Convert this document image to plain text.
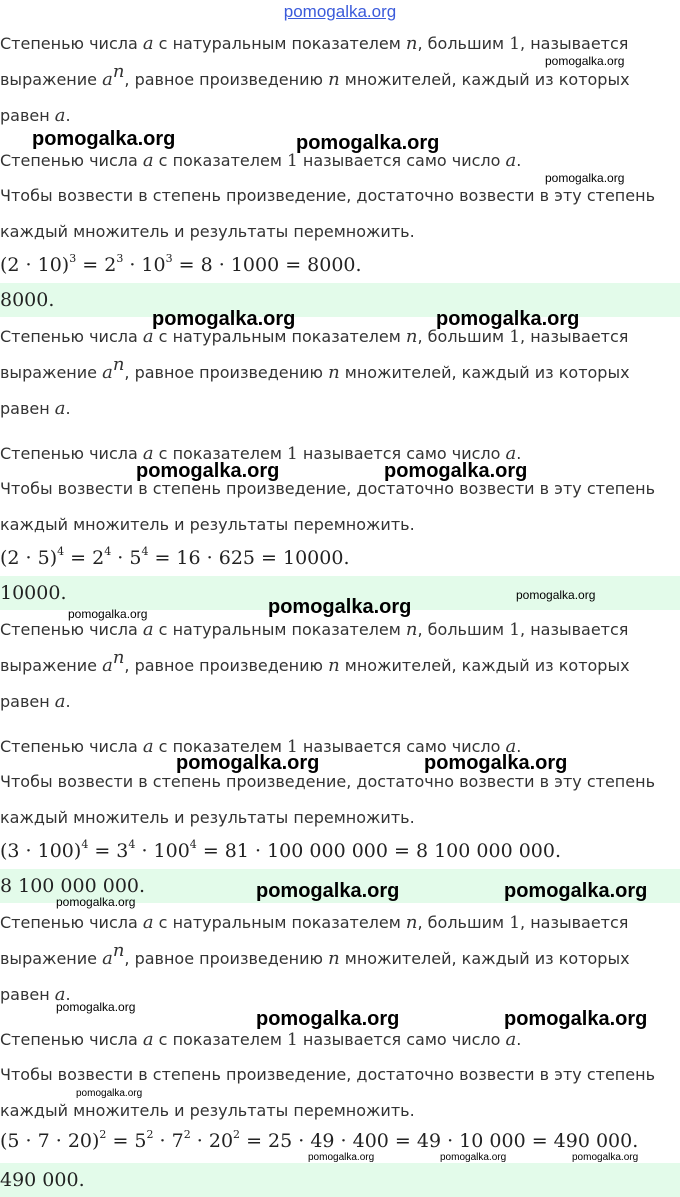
pomogalka.org
Степенью числа a с натуральным показателем n, большим 1, называется
выражение $a^n$, равное произведению n множителей, каждый из которых
равен a.
Степенью числа a с показателем 1 называется само число a.
Чтобы возвести в степень произведение, достаточно возвести в эту степень
каждый множитель и результаты перемножить.
$(2 \cdot 10)^3 = 2^3 \cdot 10^3 = 8 \cdot 1000 = 8000$.
8000.
Степенью числа a с натуральным показателем n, большим 1, называется
выражение $a^n$, равное произведению n множителей, каждый из которых
равен a.
Степенью числа a с показателем 1 называется само число a.
Чтобы возвести в степень произведение, достаточно возвести в эту степень
каждый множитель и результаты перемножить.
$(2 \cdot 5)^4 = 2^4 \cdot 5^4 = 16 \cdot 625 = 10000$.
10000.
Степенью числа a с натуральным показателем n, большим 1, называется
выражение $a^n$, равное произведению n множителей, каждый из которых
равен a.
Степенью числа a с показателем 1 называется само число a.
Чтобы возвести в степень произведение, достаточно возвести в эту степень
каждый множитель и результаты перемножить.
$(3 \cdot 100)^4 = 3^4 \cdot 100^4 = 81 \cdot 100$ 000 000 = 8 100 000 000.
8 100 000 000.
Степенью числа a с натуральным показателем n, большим 1, называется
выражение $a^n$, равное произведению n множителей, каждый из которых
равен a.
Степенью числа a с показателем 1 называется само число a.
Чтобы возвести в степень произведение, достаточно возвести в эту степень
каждый множитель и результаты перемножить.
$(5 \cdot 7 \cdot 20)^2 = 5^2 \cdot 7^2 \cdot 20^2 = 25 \cdot 49 \cdot 400 = 49 \cdot 10$ 000 = 490 000.
490 000.
pomogalka.org
pomogalka.org	pomogalka.org
pomogalka.org
pomogalka.org	pomogalka.org
pomogalka.org	pomogalka.org
pomogalka.org	pomogalka.org
pomogalka.org
pomogalka.org	pomogalka.org
pomogalka.org	pomogalka.org
pomogalka.org
pomogalka.org
pomogalka.org	pomogalka.org
pomogalka.org
pomogalka.org	pomogalka.org	pomogalka.org
